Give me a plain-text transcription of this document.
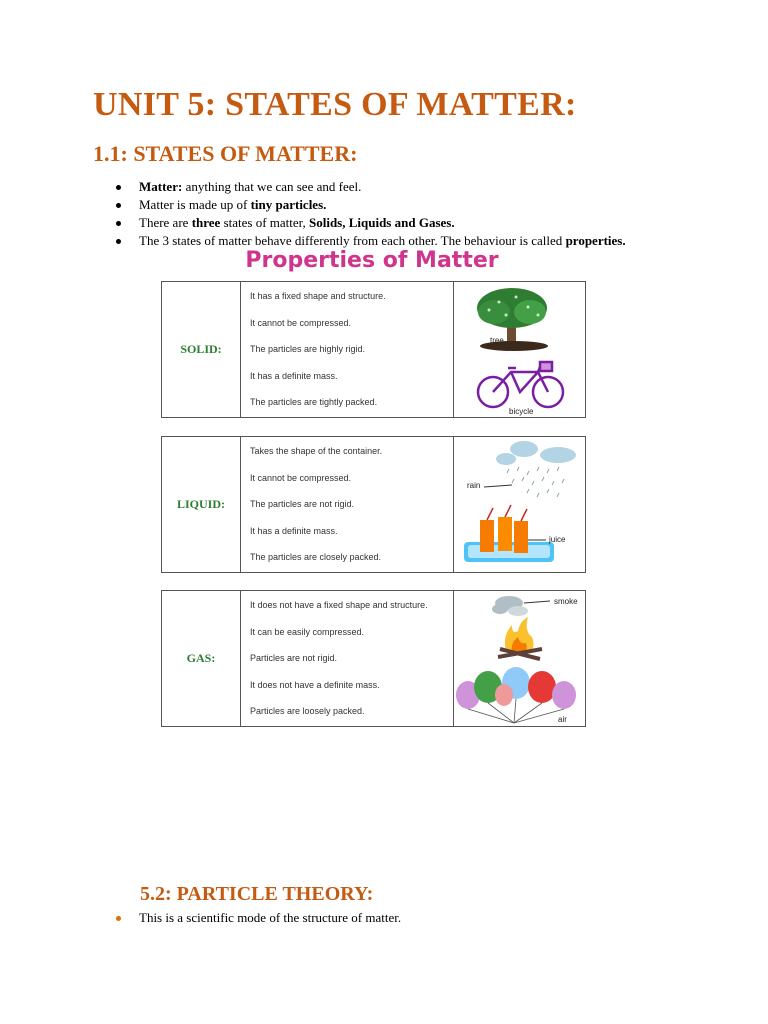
UNIT 5: STATES OF MATTER:
1.1: STATES OF MATTER:
Matter: anything that we can see and feel.
Matter is made up of tiny particles.
There are three states of matter, Solids, Liquids and Gases.
The 3 states of matter behave differently from each other. The behaviour is called properties.
Properties of Matter
SOLID:
It has a fixed shape and structure.
It cannot be compressed.
The particles are highly rigid.
It has a definite mass.
The particles are tightly packed.
tree
bicycle
LIQUID:
Takes the shape of the container.
It cannot be compressed.
The particles are not rigid.
It has a definite mass.
The particles are closely packed.
rain
juice
GAS:
It does not have a fixed shape and structure.
It can be easily compressed.
Particles are not rigid.
It does not have a definite mass.
Particles are loosely packed.
smoke
air
5.2: PARTICLE THEORY:
This is a scientific mode of the structure of matter.
